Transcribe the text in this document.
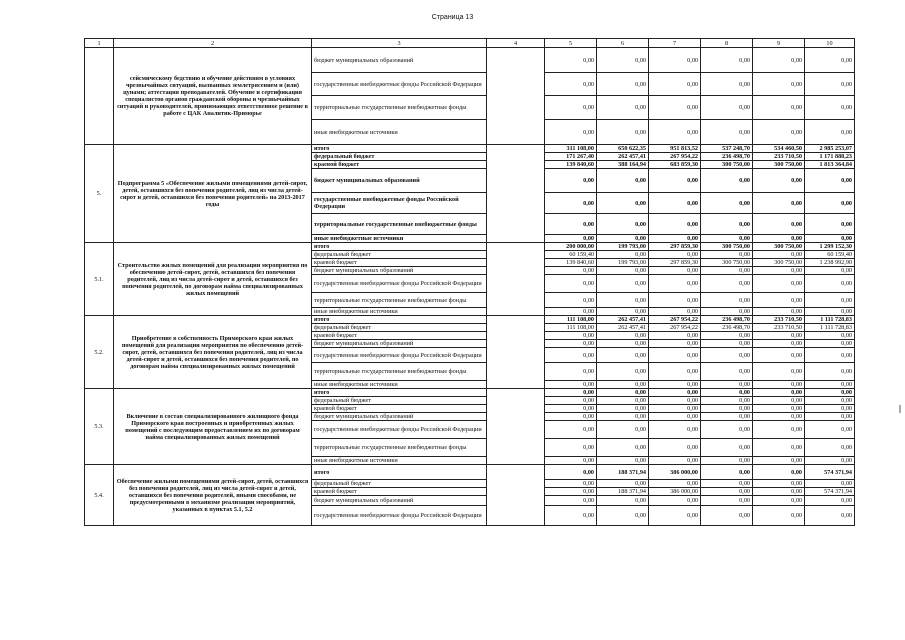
Страница 13
1	2	3	4	5	6	7	8	9	10
	сейсмическому бедствию и обучение действиям в условиях чрезвычайных ситуаций, вызванных землетрясением и (или) цунами; аттестация преподавателей. Обучение и сертификация специалистов органов гражданской обороны и чрезвычайных ситуаций и руководителей, принимающих ответственное решение в работе с ЦАК Аналитик-Приморье	бюджет муниципальных образований		0,00	0,00	0,00	0,00	0,00	0,00
		государственные внебюджетные фонды Российской Федерации		0,00	0,00	0,00	0,00	0,00	0,00
		территориальные государственные внебюджетные фонды		0,00	0,00	0,00	0,00	0,00	0,00
		иные внебюджетные источники		0,00	0,00	0,00	0,00	0,00	0,00
5.	Подпрограмма 5 «Обеспечение жилыми помещениями детей-сирот, детей, оставшихся без попечения родителей, лиц из числа детей-сирот и детей, оставшихся без попечения родителей» на 2013-2017 годы	итого		311 108,00	650 622,35	951 813,52	537 248,70	534 460,50	2 985 253,07
		федеральный бюджет		171 267,40	262 457,41	267 954,22	236 498,70	233 710,50	1 171 888,23
		краевой бюджет		139 840,60	388 164,94	683 859,30	300 750,00	300 750,00	1 813 364,84
		бюджет муниципальных образований		0,00	0,00	0,00	0,00	0,00	0,00
		государственные внебюджетные фонды Российской Федерации		0,00	0,00	0,00	0,00	0,00	0,00
		территориальные государственные внебюджетные фонды		0,00	0,00	0,00	0,00	0,00	0,00
		иные внебюджетные источники		0,00	0,00	0,00	0,00	0,00	0,00
5.1.	Строительство жилых помещений для реализации мероприятия по обеспечению детей-сирот, детей, оставшихся без попечения родителей, лиц из числа детей-сирот и детей, оставшихся без попечения родителей, по договорам найма специализированных жилых помещений	итого		200 000,00	199 793,00	297 859,30	300 750,00	300 750,00	1 299 152,30
		федеральный бюджет		60 159,40	0,00	0,00	0,00	0,00	60 159,40
		краевой бюджет		139 840,60	199 793,00	297 859,30	300 750,00	300 750,00	1 238 992,90
		бюджет муниципальных образований		0,00	0,00	0,00	0,00	0,00	0,00
		государственные внебюджетные фонды Российской Федерации		0,00	0,00	0,00	0,00	0,00	0,00
		территориальные государственные внебюджетные фонды		0,00	0,00	0,00	0,00	0,00	0,00
		иные внебюджетные источники		0,00	0,00	0,00	0,00	0,00	0,00
5.2.	Приобретение в собственность Приморского края жилых помещений для реализации мероприятия по обеспечению детей-сирот, детей, оставшихся без попечения родителей, лиц из числа детей-сирот и детей, оставшихся без попечения родителей, по договорам найма специализированных жилых помещений	итого		111 108,00	262 457,41	267 954,22	236 498,70	233 710,50	1 111 728,83
		федеральный бюджет		111 108,00	262 457,41	267 954,22	236 498,70	233 710,50	1 111 728,83
		краевой бюджет		0,00	0,00	0,00	0,00	0,00	0,00
		бюджет муниципальных образований		0,00	0,00	0,00	0,00	0,00	0,00
		государственные внебюджетные фонды Российской Федерации		0,00	0,00	0,00	0,00	0,00	0,00
		территориальные государственные внебюджетные фонды		0,00	0,00	0,00	0,00	0,00	0,00
		иные внебюджетные источники		0,00	0,00	0,00	0,00	0,00	0,00
5.3.	Включение в состав специализированного жилищного фонда Приморского края построенных и приобретенных жилых помещений с последующим предоставлением их по договорам найма специализированных жилых помещений	итого		0,00	0,00	0,00	0,00	0,00	0,00
		федеральный бюджет		0,00	0,00	0,00	0,00	0,00	0,00
		краевой бюджет		0,00	0,00	0,00	0,00	0,00	0,00
		бюджет муниципальных образований		0,00	0,00	0,00	0,00	0,00	0,00
		государственные внебюджетные фонды Российской Федерации		0,00	0,00	0,00	0,00	0,00	0,00
		территориальные государственные внебюджетные фонды		0,00	0,00	0,00	0,00	0,00	0,00
		иные внебюджетные источники		0,00	0,00	0,00	0,00	0,00	0,00
5.4.	Обеспечение жилыми помещениями детей-сирот, детей, оставшихся без попечения родителей, лиц из числа детей-сирот и детей, оставшихся без попечения родителей, иными способами, не предусмотренными в механизме реализации мероприятий, указанных в пунктах 5.1, 5.2	итого		0,00	188 371,94	386 000,00	0,00	0,00	574 371,94
		федеральный бюджет		0,00	0,00	0,00	0,00	0,00	0,00
		краевой бюджет		0,00	188 371,94	386 000,00	0,00	0,00	574 371,94
		бюджет муниципальных образований		0,00	0,00	0,00	0,00	0,00	0,00
		государственные внебюджетные фонды Российской Федерации		0,00	0,00	0,00	0,00	0,00	0,00
